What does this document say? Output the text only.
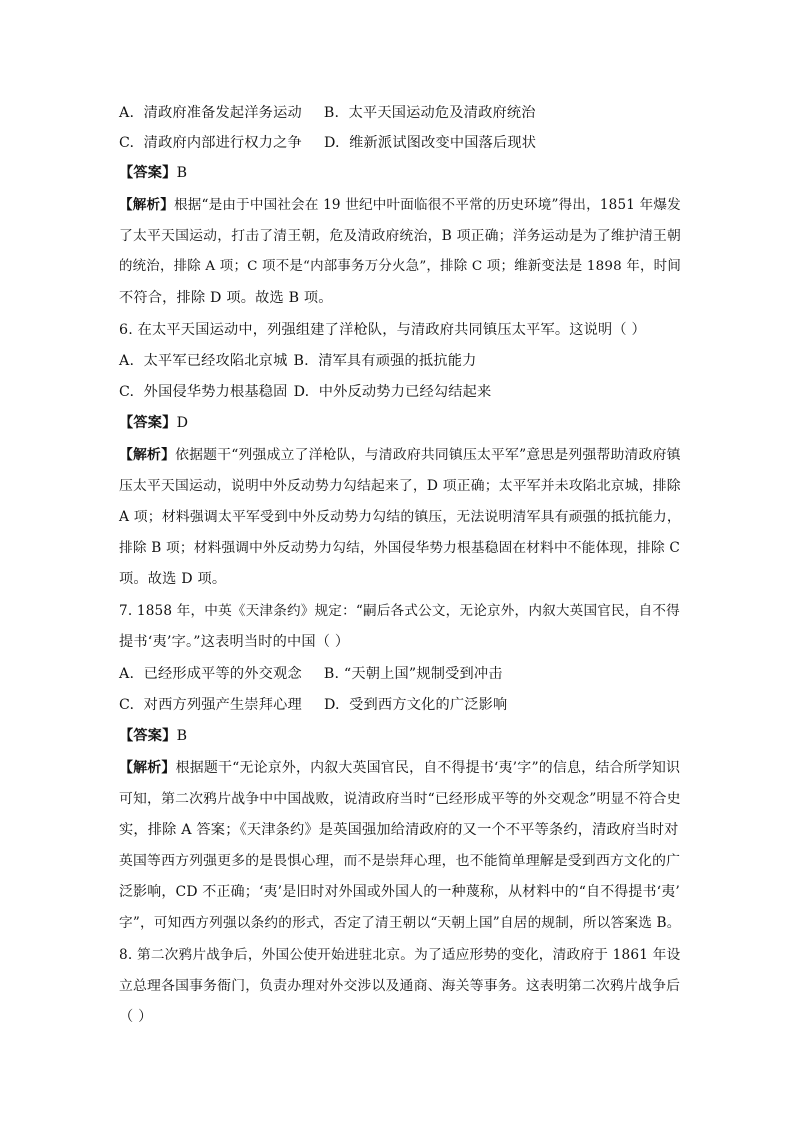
A.  清政府准备发起洋务运动 B.  太平天国运动危及清政府统治
C.  清政府内部进行权力之争 D.  维新派试图改变中国落后现状
【答案】B
【解析】根据“是由于中国社会在 19 世纪中叶面临很不平常的历史环境”得出，1851 年爆发
了太平天国运动，打击了清王朝，危及清政府统治，B 项正确；洋务运动是为了维护清王朝
的统治，排除 A 项；C 项不是“内部事务万分火急”，排除 C 项；维新变法是 1898 年，时间
不符合，排除 D 项。故选 B 项。
6. 在太平天国运动中，列强组建了洋枪队，与清政府共同镇压太平军。这说明（ ）
A.  太平军已经攻陷北京城 B.  清军具有顽强的抵抗能力
C.  外国侵华势力根基稳固 D.  中外反动势力已经勾结起来
【答案】D
【解析】依据题干“列强成立了洋枪队，与清政府共同镇压太平军”意思是列强帮助清政府镇
压太平天国运动，说明中外反动势力勾结起来了，D 项正确；太平军并未攻陷北京城，排除
A 项；材料强调太平军受到中外反动势力勾结的镇压，无法说明清军具有顽强的抵抗能力，
排除 B 项；材料强调中外反动势力勾结，外国侵华势力根基稳固在材料中不能体现，排除 C
项。故选 D 项。
7. 1858 年，中英《天津条约》规定：“嗣后各式公文，无论京外，内叙大英国官民，自不得
提书‘夷’字。”这表明当时的中国（ ）
A.  已经形成平等的外交观念 B. “天朝上国”规制受到冲击
C.  对西方列强产生崇拜心理 D.  受到西方文化的广泛影响
【答案】B
【解析】根据题干“无论京外，内叙大英国官民，自不得提书‘夷’字”的信息，结合所学知识
可知，第二次鸦片战争中中国战败，说清政府当时“已经形成平等的外交观念”明显不符合史
实，排除 A 答案；《天津条约》是英国强加给清政府的又一个不平等条约，清政府当时对
英国等西方列强更多的是畏惧心理，而不是崇拜心理，也不能简单理解是受到西方文化的广
泛影响，CD 不正确；‘夷’是旧时对外国或外国人的一种蔑称，从材料中的“自不得提书‘夷’
字”，可知西方列强以条约的形式，否定了清王朝以“天朝上国”自居的规制，所以答案选 B。
8. 第二次鸦片战争后，外国公使开始进驻北京。为了适应形势的变化，清政府于 1861 年设
立总理各国事务衙门，负责办理对外交涉以及通商、海关等事务。这表明第二次鸦片战争后
（ ）
